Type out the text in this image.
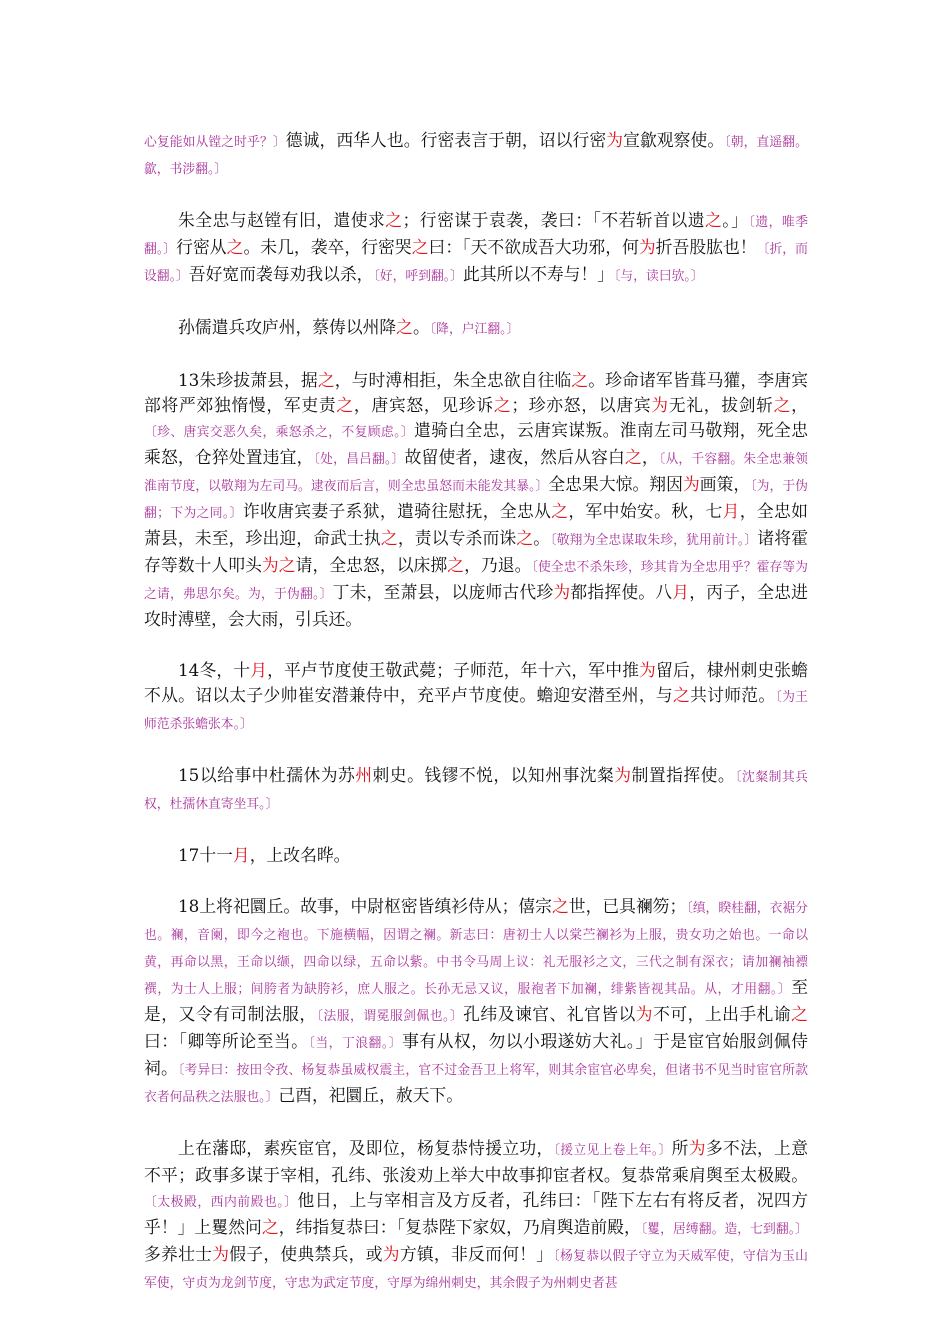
心复能如从镗之时乎？〕德诚，西华人也。行密表言于朝，诏以行密为宣歙观察使。〔朝，直遥翻。歙，书涉翻。〕

朱全忠与赵镗有旧，遣使求之；行密谋于袁袭，袭曰：「不若斩首以遗之。」〔遗，唯季翻。〕行密从之。未几，袭卒，行密哭之曰：「天不欲成吾大功邪，何为折吾股肱也！〔折，而设翻。〕吾好宽而袭每劝我以杀，〔好，呼到翻。〕此其所以不寿与！」〔与，读曰欤。〕

孙儒遣兵攻庐州，蔡俦以州降之。〔降，户江翻。〕

13朱珍拔萧县，据之，与时溥相拒，朱全忠欲自往临之。珍命诸军皆葺马獾，李唐宾部将严郊独惰慢，军吏责之，唐宾怒，见珍诉之；珍亦怒，以唐宾为无礼，拔剑斩之，〔珍、唐宾交恶久矣，乘怒杀之，不复顾虑。〕遣骑白全忠，云唐宾谋叛。淮南左司马敬翔，死全忠乘怒，仓猝处置违宜，〔处，昌吕翻。〕故留使者，逮夜，然后从容白之，〔从，千容翻。朱全忠兼领淮南节度，以敬翔为左司马。逮夜而后言，则全忠虽怒而未能发其暴。〕全忠果大惊。翔因为画策，〔为，于伪翻；下为之同。〕诈收唐宾妻子系狱，遣骑往慰抚，全忠从之，军中始安。秋，七月，全忠如萧县，未至，珍出迎，命武士执之，责以专杀而诛之。〔敬翔为全忠谋取朱珍，犹用前计。〕诸将霍存等数十人叩头为之请，全忠怒，以床掷之，乃退。〔使全忠不杀朱珍，珍其肯为全忠用乎？霍存等为之请，弗思尔矣。为，于伪翻。〕丁未，至萧县，以庞师古代珍为都指挥使。八月，丙子，全忠进攻时溥壁，会大雨，引兵还。

14冬，十月，平卢节度使王敬武薨；子师范，年十六，军中推为留后，棣州刺史张蟾不从。诏以太子少帅崔安潜兼侍中，充平卢节度使。蟾迎安潜至州，与之共讨师范。〔为王师范杀张蟾张本。〕

15以给事中杜孺休为苏州刺史。钱镠不悦，以知州事沈粲为制置指挥使。〔沈粲制其兵权，杜孺休直寄坐耳。〕

17十一月，上改名晔。

18上将祀圜丘。故事，中尉枢密皆缜衫侍从；僖宗之世，已具襕笏；〔缜，睽桂翻，衣裾分也。襕，音阑，即今之袍也。下施横幅，因谓之襕。新志曰：唐初士人以棠苎襕衫为上服，贵女功之始也。一命以黄，再命以黑，王命以缬，四命以绿，五命以紫。中书令马周上议：礼无服衫之文，三代之制有深衣；请加襕袖褾襈，为士人上服；间胯者为缺胯衫，庶人服之。长孙无忌又议，服袍者下加襕，绯紫皆视其品。从，才用翻。〕至是，又令有司制法服，〔法服，谓冕服剑佩也。〕孔纬及谏官、礼官皆以为不可，上出手札谕之曰：「卿等所论至当。〔当，丁浪翻。〕事有从权，勿以小瑕遂妨大礼。」于是宦官始服剑佩侍祠。〔考异曰：按田令孜、杨复恭虽威权震主，官不过金吾卫上将军，则其余宦官必卑矣，但诸书不见当时宦官所款衣者何品秩之法服也。〕己酉，祀圜丘，赦天下。

上在藩邸，素疾宦官，及即位，杨复恭恃援立功，〔援立见上卷上年。〕所为多不法，上意不平；政事多谋于宰相，孔纬、张浚劝上举大中故事抑宦者权。复恭常乘肩舆至太极殿。〔太极殿，西内前殿也。〕他日，上与宰相言及方反者，孔纬曰：「陛下左右有将反者，况四方乎！」上矍然问之，纬指复恭曰：「复恭陛下家奴，乃肩舆造前殿，〔矍，居缚翻。造，七到翻。〕多养壮士为假子，使典禁兵，或为方镇，非反而何！」〔杨复恭以假子守立为天威军使，守信为玉山军使，守贞为龙剑节度，守忠为武定节度，守厚为绵州刺史，其余假子为州刺史者甚
